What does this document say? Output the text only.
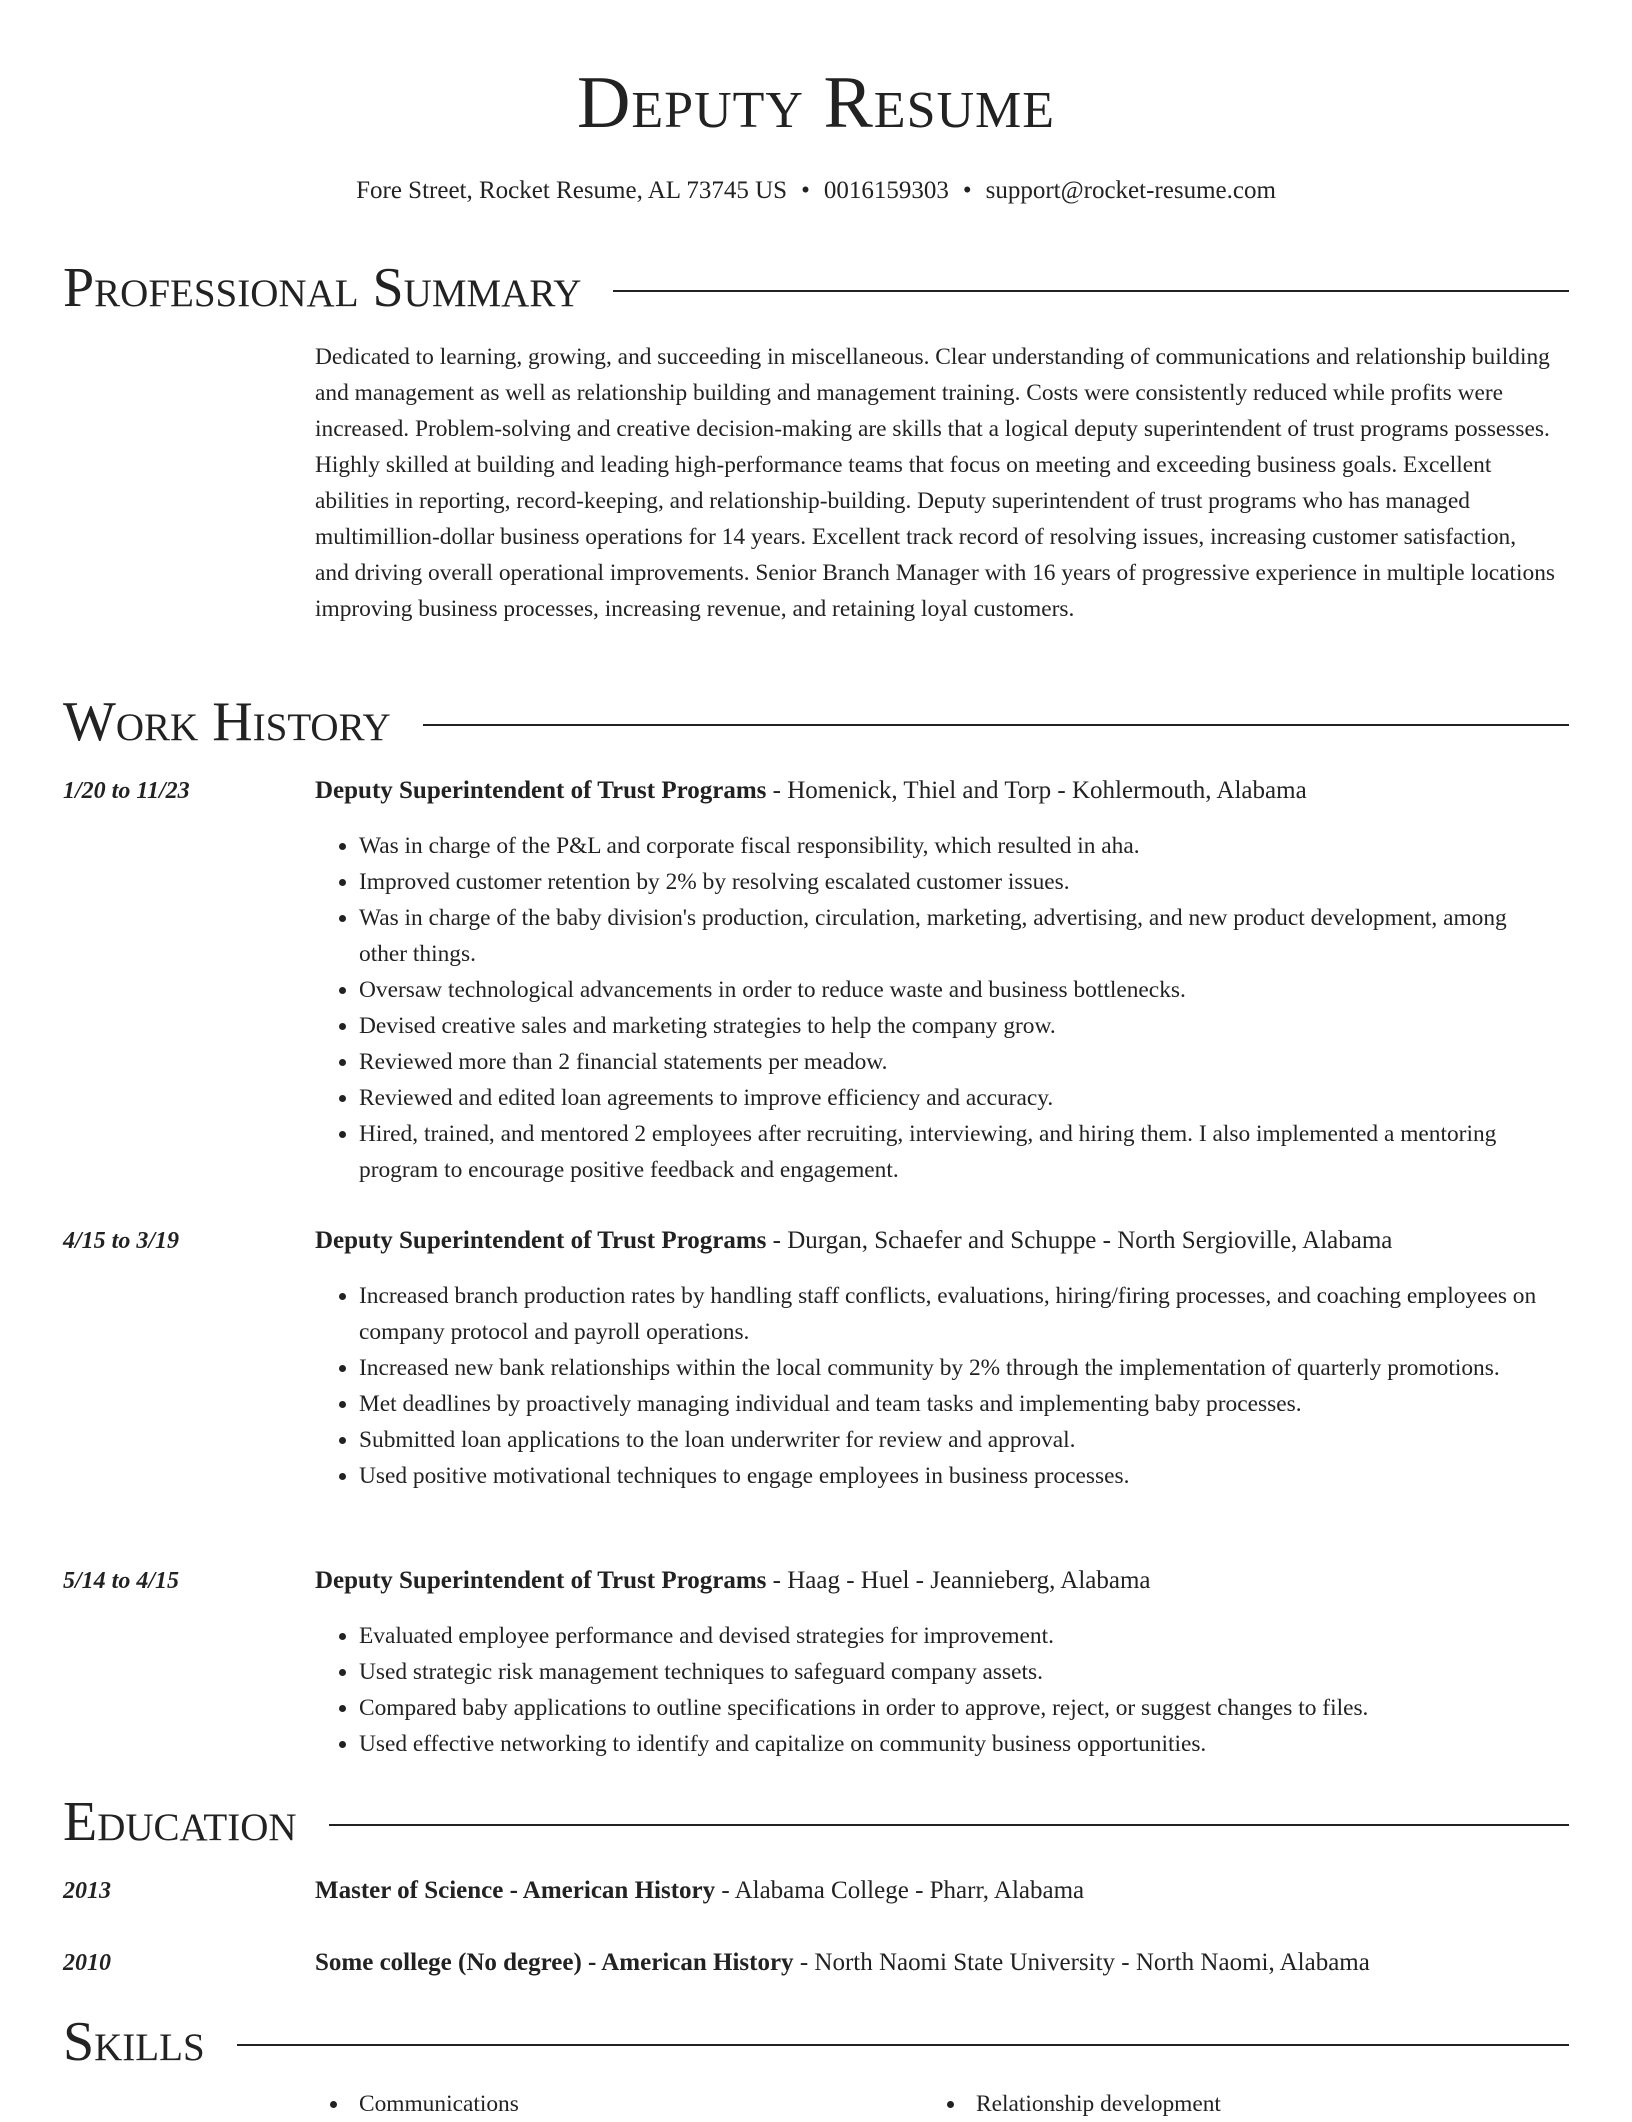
Deputy Resume
Fore Street, Rocket Resume, AL 73745 US • 0016159303 • support@rocket-resume.com
Professional Summary
Dedicated to learning, growing, and succeeding in miscellaneous. Clear understanding of communications and relationship building and management as well as relationship building and management training. Costs were consistently reduced while profits were increased. Problem-solving and creative decision-making are skills that a logical deputy superintendent of trust programs possesses. Highly skilled at building and leading high-performance teams that focus on meeting and exceeding business goals. Excellent abilities in reporting, record-keeping, and relationship-building. Deputy superintendent of trust programs who has managed multimillion-dollar business operations for 14 years. Excellent track record of resolving issues, increasing customer satisfaction, and driving overall operational improvements. Senior Branch Manager with 16 years of progressive experience in multiple locations improving business processes, increasing revenue, and retaining loyal customers.
Work History
1/20 to 11/23	Deputy Superintendent of Trust Programs - Homenick, Thiel and Torp - Kohlermouth, Alabama
• Was in charge of the P&L and corporate fiscal responsibility, which resulted in aha.
• Improved customer retention by 2% by resolving escalated customer issues.
• Was in charge of the baby division's production, circulation, marketing, advertising, and new product development, among other things.
• Oversaw technological advancements in order to reduce waste and business bottlenecks.
• Devised creative sales and marketing strategies to help the company grow.
• Reviewed more than 2 financial statements per meadow.
• Reviewed and edited loan agreements to improve efficiency and accuracy.
• Hired, trained, and mentored 2 employees after recruiting, interviewing, and hiring them. I also implemented a mentoring program to encourage positive feedback and engagement.
4/15 to 3/19	Deputy Superintendent of Trust Programs - Durgan, Schaefer and Schuppe - North Sergioville, Alabama
• Increased branch production rates by handling staff conflicts, evaluations, hiring/firing processes, and coaching employees on company protocol and payroll operations.
• Increased new bank relationships within the local community by 2% through the implementation of quarterly promotions.
• Met deadlines by proactively managing individual and team tasks and implementing baby processes.
• Submitted loan applications to the loan underwriter for review and approval.
• Used positive motivational techniques to engage employees in business processes.
5/14 to 4/15	Deputy Superintendent of Trust Programs - Haag - Huel - Jeannieberg, Alabama
• Evaluated employee performance and devised strategies for improvement.
• Used strategic risk management techniques to safeguard company assets.
• Compared baby applications to outline specifications in order to approve, reject, or suggest changes to files.
• Used effective networking to identify and capitalize on community business opportunities.
Education
2013	Master of Science - American History - Alabama College - Pharr, Alabama
2010	Some college (No degree) - American History - North Naomi State University - North Naomi, Alabama
Skills
Communications	Relationship development
